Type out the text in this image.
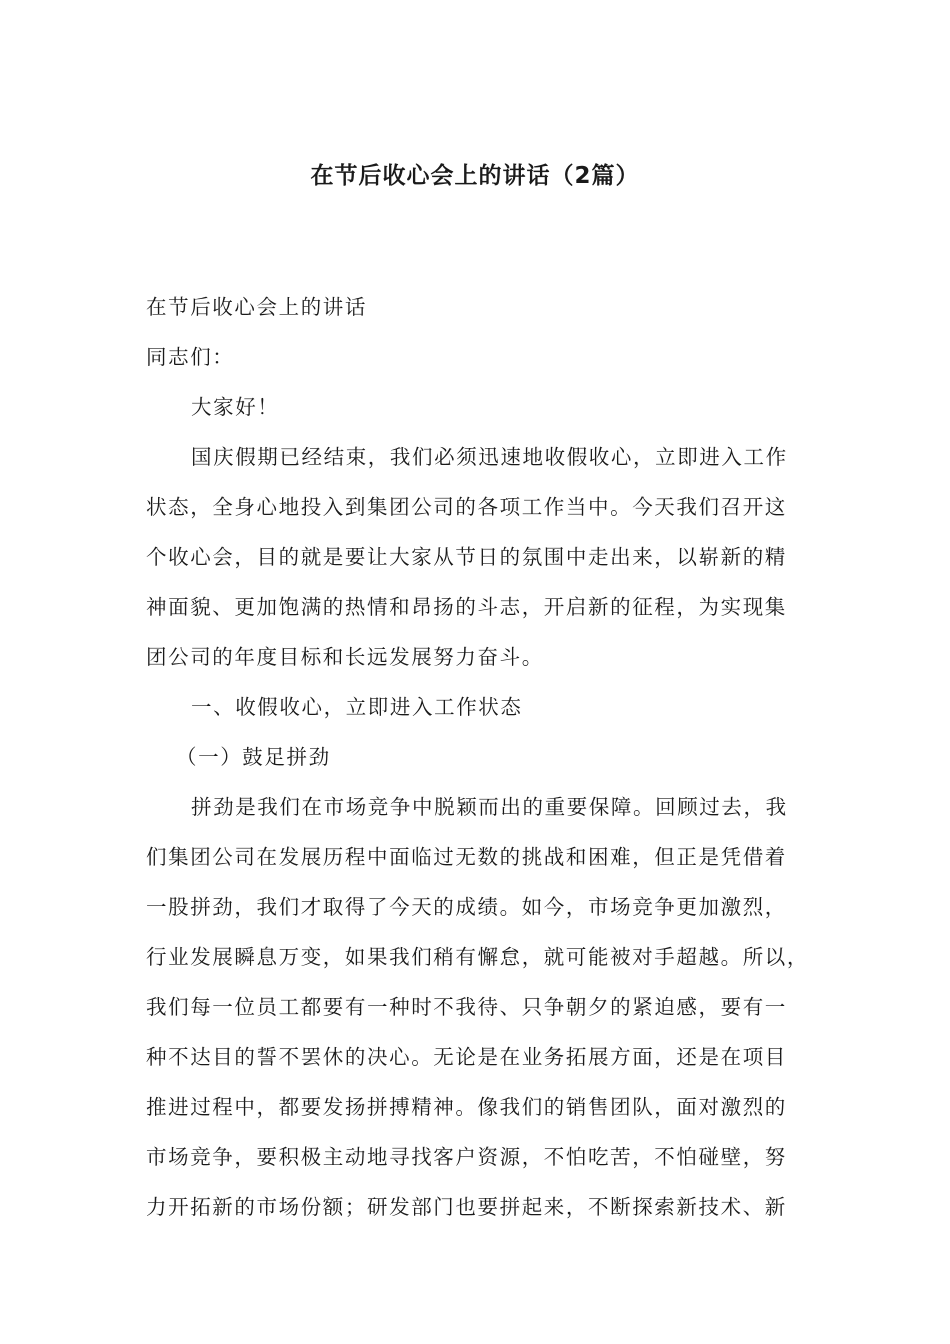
在节后收心会上的讲话（2篇）
在节后收心会上的讲话
同志们：
大家好！
国庆假期已经结束，我们必须迅速地收假收心，立即进入工作
状态，全身心地投入到集团公司的各项工作当中。今天我们召开这
个收心会，目的就是要让大家从节日的氛围中走出来，以崭新的精
神面貌、更加饱满的热情和昂扬的斗志，开启新的征程，为实现集
团公司的年度目标和长远发展努力奋斗。
一、收假收心，立即进入工作状态
（一）鼓足拼劲
拼劲是我们在市场竞争中脱颖而出的重要保障。回顾过去，我
们集团公司在发展历程中面临过无数的挑战和困难，但正是凭借着
一股拼劲，我们才取得了今天的成绩。如今，市场竞争更加激烈，
行业发展瞬息万变，如果我们稍有懈怠，就可能被对手超越。所以，
我们每一位员工都要有一种时不我待、只争朝夕的紧迫感，要有一
种不达目的誓不罢休的决心。无论是在业务拓展方面，还是在项目
推进过程中，都要发扬拼搏精神。像我们的销售团队，面对激烈的
市场竞争，要积极主动地寻找客户资源，不怕吃苦，不怕碰壁，努
力开拓新的市场份额；研发部门也要拼起来，不断探索新技术、新
